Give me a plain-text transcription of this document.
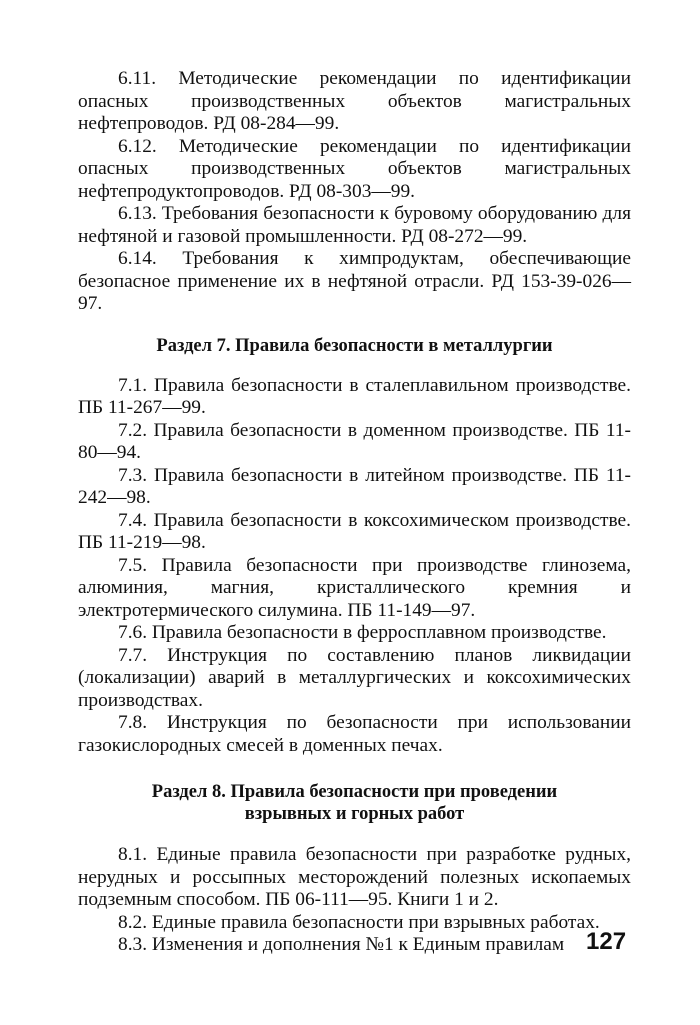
6.11. Методические рекомендации по идентификации опасных производственных объектов магистральных нефтепроводов. РД 08-284—99.

6.12. Методические рекомендации по идентификации опасных производственных объектов магистральных нефтепродуктопроводов. РД 08-303—99.

6.13. Требования безопасности к буровому оборудованию для нефтяной и газовой промышленности. РД 08-272—99.

6.14. Требования к химпродуктам, обеспечивающие безопасное применение их в нефтяной отрасли. РД 153-39-026—97.

Раздел 7. Правила безопасности в металлургии

7.1. Правила безопасности в сталеплавильном производстве. ПБ 11-267—99.

7.2. Правила безопасности в доменном производстве. ПБ 11-80—94.

7.3. Правила безопасности в литейном производстве. ПБ 11-242—98.

7.4. Правила безопасности в коксохимическом производстве. ПБ 11-219—98.

7.5. Правила безопасности при производстве глинозема, алюминия, магния, кристаллического кремния и электротермического силумина. ПБ 11-149—97.

7.6. Правила безопасности в ферросплавном производстве.

7.7. Инструкция по составлению планов ликвидации (локализации) аварий в металлургических и коксохимических производствах.

7.8. Инструкция по безопасности при использовании газокислородных смесей в доменных печах.

Раздел 8. Правила безопасности при проведении
взрывных и горных работ

8.1. Единые правила безопасности при разработке рудных, нерудных и россыпных месторождений полезных ископаемых подземным способом. ПБ 06-111—95. Книги 1 и 2.

8.2. Единые правила безопасности при взрывных работах.

8.3. Изменения и дополнения №1 к Единым правилам 127
